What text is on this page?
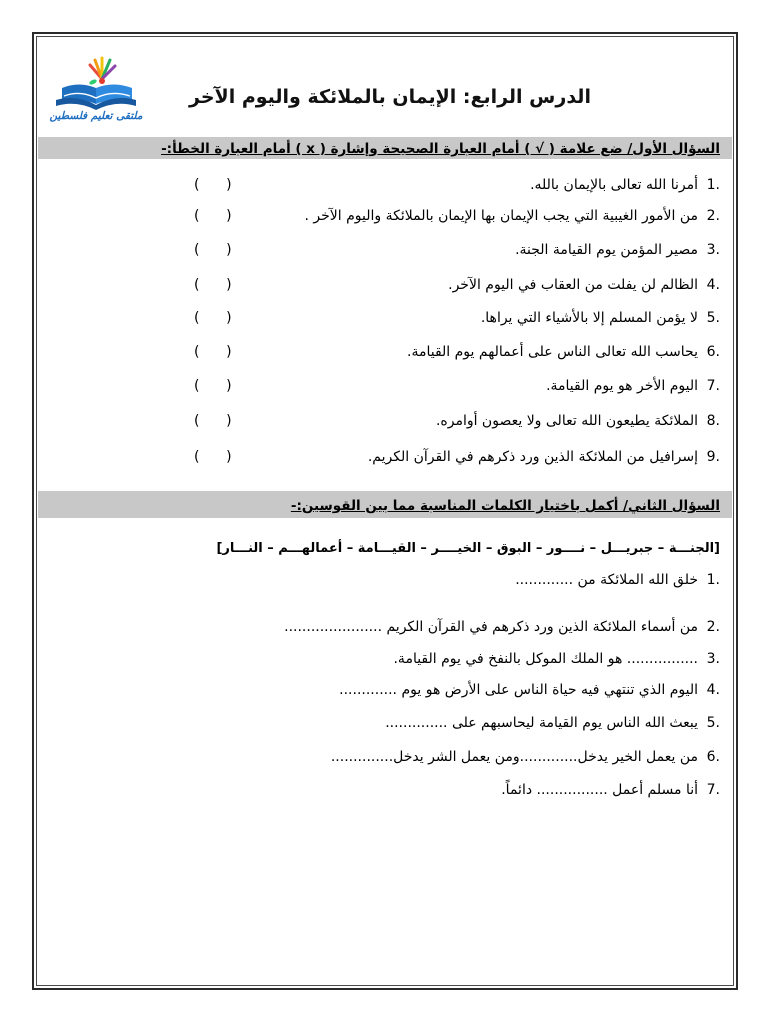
ملتقى تعليم فلسطين
الدرس الرابع: الإيمان بالملائكة واليوم الآخر
السؤال الأول/ ضع علامة ( √ ) أمام العبارة الصحيحة وإشارة ( x ) أمام العبارة الخطأ:-
1.
أمرنا الله تعالى بالإيمان بالله.
(      )
2.
من الأمور الغيبية التي يجب الإيمان بها الإيمان بالملائكة واليوم الآخر .
(      )
3.
مصير المؤمن يوم القيامة الجنة.
(      )
4.
الظالم لن يفلت من العقاب في اليوم الآخر.
(      )
5.
لا يؤمن المسلم إلا بالأشياء التي يراها.
(      )
6.
يحاسب الله تعالى الناس على أعمالهم يوم القيامة.
(      )
7.
اليوم الأخر هو يوم القيامة.
(      )
8.
الملائكة يطيعون الله تعالى ولا يعصون أوامره.
(      )
9.
إسرافيل من الملائكة الذين ورد ذكرهم في القرآن الكريم.
(      )
السؤال الثاني/ أكمل باختيار الكلمات المناسبة مما بين القوسين:-
[الجنـــة – جبريـــل – نــــور – البوق – الخيــــر – القيـــامة – أعمالهـــم – النـــار]
1.
خلق الله الملائكة من .............
2.
من أسماء الملائكة الذين ورد ذكرهم في القرآن الكريم ......................
3.
................ هو الملك الموكل بالنفخ في يوم القيامة.
4.
اليوم الذي تنتهي فيه حياة الناس على الأرض هو يوم .............
5.
يبعث الله الناس يوم القيامة ليحاسبهم على ..............
6.
من يعمل الخير يدخل.............ومن يعمل الشر يدخل..............
7.
أنا مسلم أعمل ................ دائماً.
